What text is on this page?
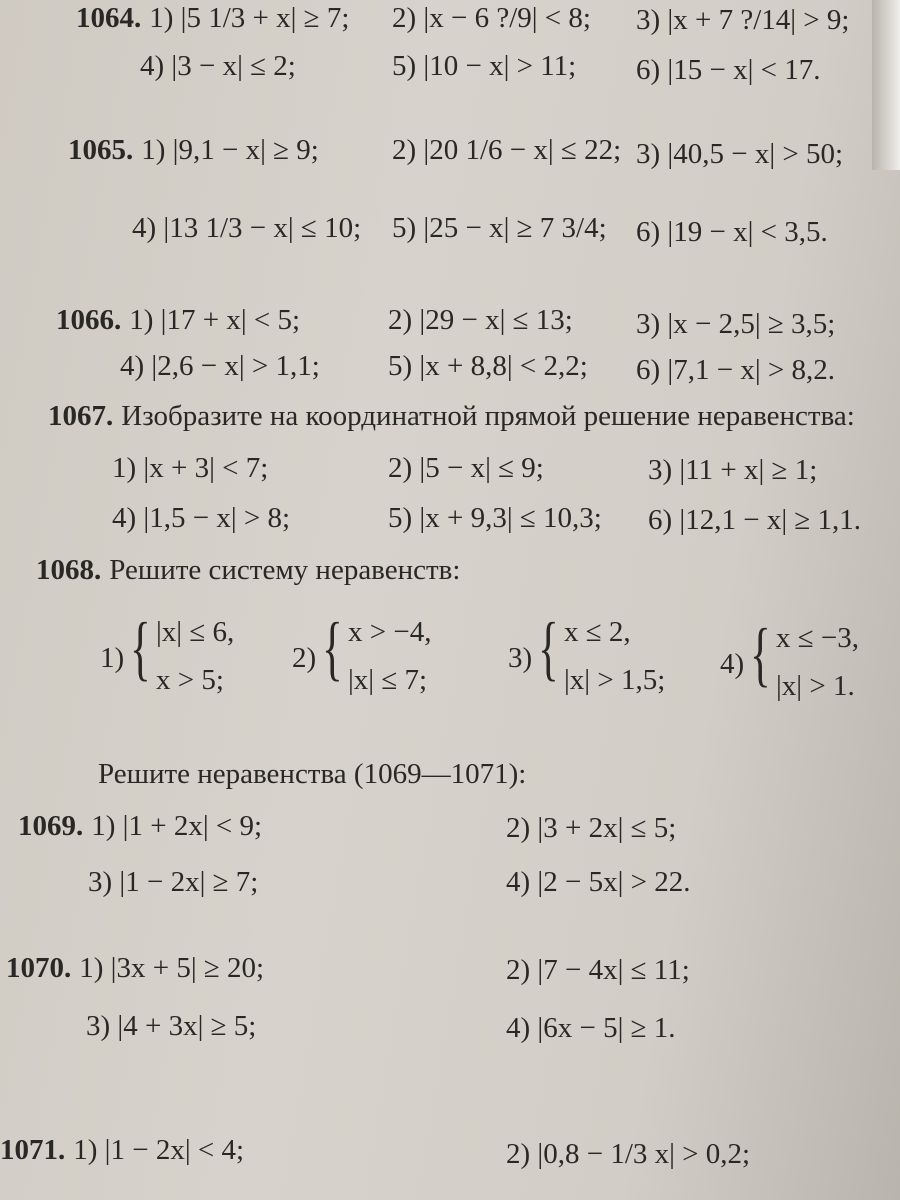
1064. 1) |5 1/3 + x| ≥ 7; 2) |x − 6 ?/9| < 8; 3) |x + 7 ?/14| > 9;
4) |3 − x| ≤ 2;	5) |10 − x| > 11; 6) |15 − x| < 17.
1065. 1) |9,1 − x| ≥ 9;	2) |20 1/6 − x| ≤ 22; 3) |40,5 − x| > 50;
4) |13 1/3 − x| ≤ 10; 5) |25 − x| ≥ 7 3/4; 6) |19 − x| < 3,5.
1066. 1) |17 + x| < 5;	2) |29 − x| ≤ 13; 3) |x − 2,5| ≥ 3,5;
4) |2,6 − x| > 1,1; 5) |x + 8,8| < 2,2; 6) |7,1 − x| > 8,2.
1067. Изобразите на координатной прямой решение неравенства:
1) |x + 3| < 7;	2) |5 − x| ≤ 9;	3) |11 + x| ≥ 1;
4) |1,5 − x| > 8;	5) |x + 9,3| ≤ 10,3; 6) |12,1 − x| ≥ 1,1.
1068. Решите систему неравенств:
1) { |x| ≤ 6,
x > 5;
2) { x > −4,
|x| ≤ 7;
3) { x ≤ 2,
|x| > 1,5; 4) { x ≤ −3,
|x| > 1.
Решите неравенства (1069—1071):
1069. 1) |1 + 2x| < 9;	2) |3 + 2x| ≤ 5;
3) |1 − 2x| ≥ 7;	4) |2 − 5x| > 22.
1070. 1) |3x + 5| ≥ 20;	2) |7 − 4x| ≤ 11;
3) |4 + 3x| ≥ 5;	4) |6x − 5| ≥ 1.
1071. 1) |1 − 2x| < 4;	2) |0,8 − 1/3 x| > 0,2;
